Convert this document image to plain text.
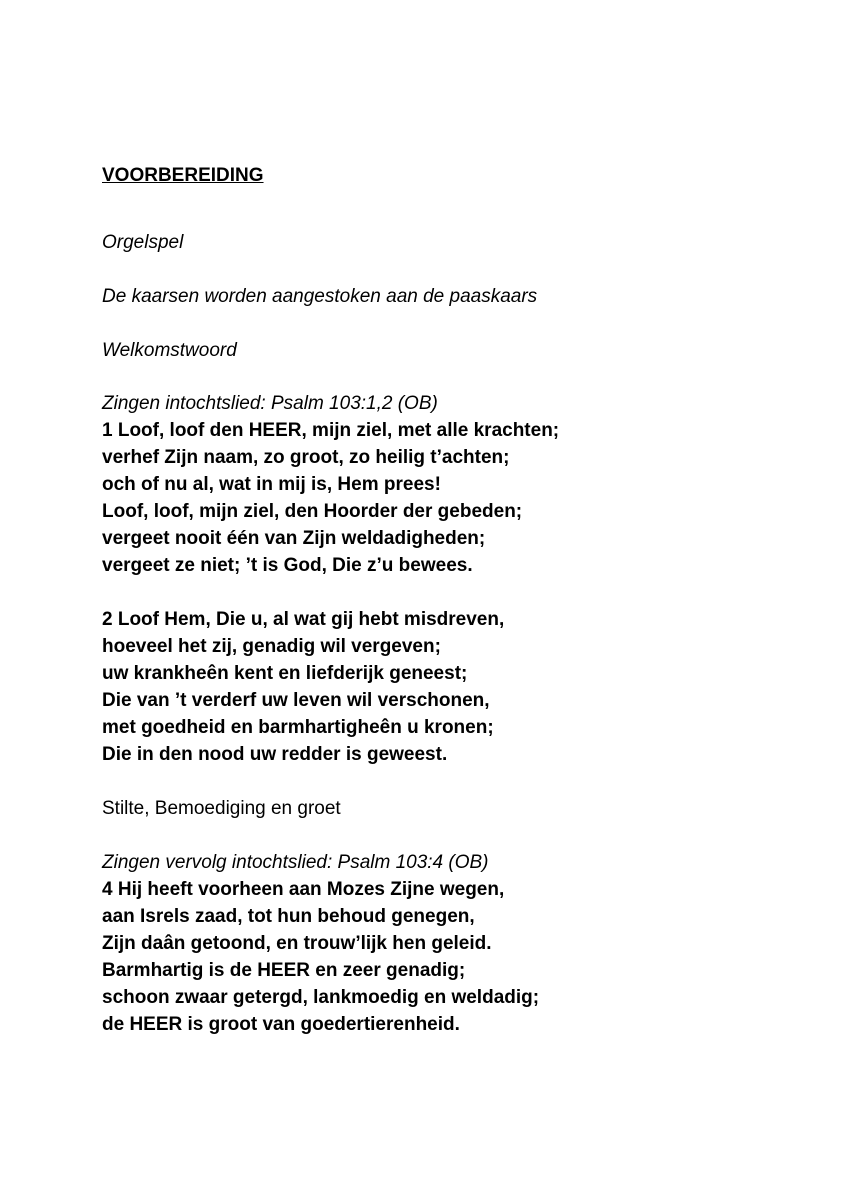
VOORBEREIDING

Orgelspel

De kaarsen worden aangestoken aan de paaskaars

Welkomstwoord

Zingen intochtslied: Psalm 103:1,2 (OB)

1 Loof, loof den HEER, mijn ziel, met alle krachten;
verhef Zijn naam, zo groot, zo heilig t’achten;
och of nu al, wat in mij is, Hem prees!
Loof, loof, mijn ziel, den Hoorder der gebeden;
vergeet nooit één van Zijn weldadigheden;
vergeet ze niet; ’t is God, Die z’u bewees.
2 Loof Hem, Die u, al wat gij hebt misdreven,
hoeveel het zij, genadig wil vergeven;
uw krankheên kent en liefderijk geneest;
Die van ’t verderf uw leven wil verschonen,
met goedheid en barmhartigheên u kronen;
Die in den nood uw redder is geweest.

Stilte, Bemoediging en groet

Zingen vervolg intochtslied: Psalm 103:4 (OB)

4 Hij heeft voorheen aan Mozes Zijne wegen,
aan Isrels zaad, tot hun behoud genegen,
Zijn daân getoond, en trouw’lijk hen geleid.
Barmhartig is de HEER en zeer genadig;
schoon zwaar getergd, lankmoedig en weldadig;
de HEER is groot van goedertierenheid.
